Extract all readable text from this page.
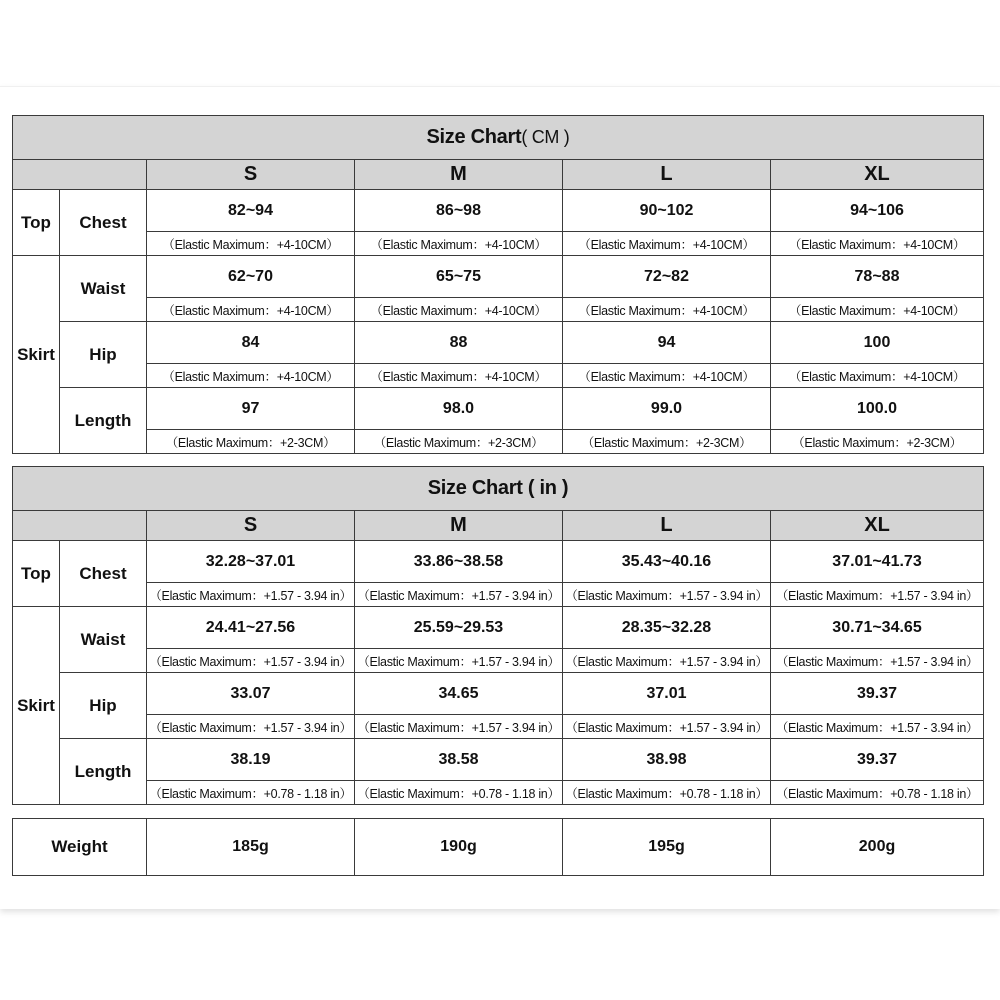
Size Chart( CM )					
		S	M	L	XL
Top	Chest	82~94	86~98	90~102	94~106
		（Elastic Maximum：+4-10CM）	（Elastic Maximum：+4-10CM）	（Elastic Maximum：+4-10CM）	（Elastic Maximum：+4-10CM）
Skirt	Waist	62~70	65~75	72~82	78~88
		（Elastic Maximum：+4-10CM）	（Elastic Maximum：+4-10CM）	（Elastic Maximum：+4-10CM）	（Elastic Maximum：+4-10CM）
	Hip	84	88	94	100
		（Elastic Maximum：+4-10CM）	（Elastic Maximum：+4-10CM）	（Elastic Maximum：+4-10CM）	（Elastic Maximum：+4-10CM）
	Length	97	98.0	99.0	100.0
		（Elastic Maximum：+2-3CM）	（Elastic Maximum：+2-3CM）	（Elastic Maximum：+2-3CM）	（Elastic Maximum：+2-3CM）
Size Chart ( in )					
		S	M	L	XL
Top	Chest	32.28~37.01	33.86~38.58	35.43~40.16	37.01~41.73
		（Elastic Maximum：+1.57 - 3.94 in）	（Elastic Maximum：+1.57 - 3.94 in）	（Elastic Maximum：+1.57 - 3.94 in）	（Elastic Maximum：+1.57 - 3.94 in）
Skirt	Waist	24.41~27.56	25.59~29.53	28.35~32.28	30.71~34.65
		（Elastic Maximum：+1.57 - 3.94 in）	（Elastic Maximum：+1.57 - 3.94 in）	（Elastic Maximum：+1.57 - 3.94 in）	（Elastic Maximum：+1.57 - 3.94 in）
	Hip	33.07	34.65	37.01	39.37
		（Elastic Maximum：+1.57 - 3.94 in）	（Elastic Maximum：+1.57 - 3.94 in）	（Elastic Maximum：+1.57 - 3.94 in）	（Elastic Maximum：+1.57 - 3.94 in）
	Length	38.19	38.58	38.98	39.37
		（Elastic Maximum：+0.78 - 1.18 in）	（Elastic Maximum：+0.78 - 1.18 in）	（Elastic Maximum：+0.78 - 1.18 in）	（Elastic Maximum：+0.78 - 1.18 in）
Weight	185g	190g	195g	200g
